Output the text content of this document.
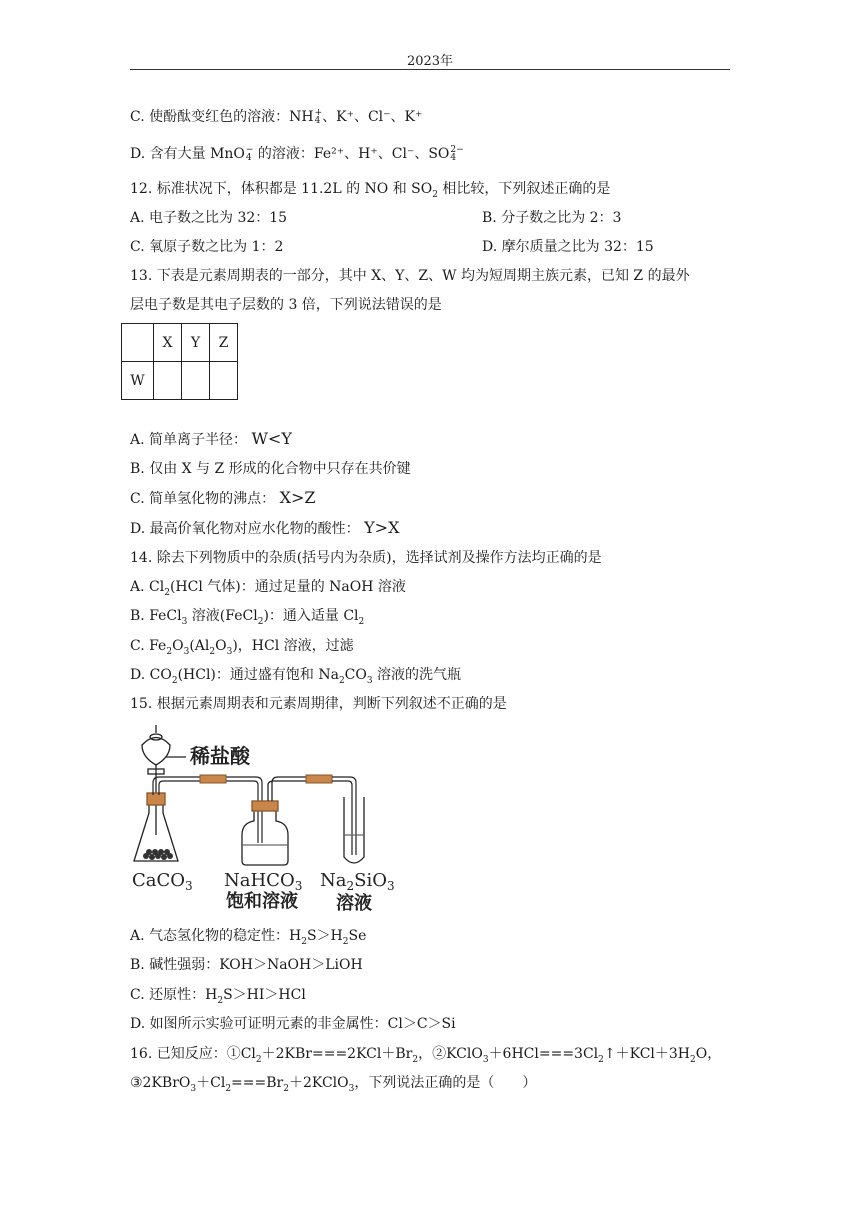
2023年
C. 使酚酞变红色的溶液：NH +
4 、K⁺、Cl⁻、K⁺
D. 含有大量 MnO −
4 的溶液：Fe²⁺、H⁺、Cl⁻、SO 2−
4
12. 标准状况下，体积都是 11.2L 的 NO 和 $SO_2$ 相比较，下列叙述正确的是
A. 电子数之比为 32：15	B. 分子数之比为 2：3
C. 氧原子数之比为 1：2	D. 摩尔质量之比为 32：15
13. 下表是元素周期表的一部分，其中 X、Y、Z、W 均为短周期主族元素，已知 Z 的最外
层电子数是其电子层数的 3 倍，下列说法错误的是
	X	Y	Z
W			
A. 简单离子半径： W<Y
B. 仅由 X 与 Z 形成的化合物中只存在共价键
C. 简单氢化物的沸点： X>Z
D. 最高价氧化物对应水化物的酸性： Y>X
14. 除去下列物质中的杂质(括号内为杂质)，选择试剂及操作方法均正确的是
A. $Cl_2(HCl$ 气体)：通过足量的 NaOH 溶液
B. FeCl$_3$ 溶液(FeCl$_2$)：通入适量 $Cl_2$
C. $Fe_2O_3(Al_2O_3)$，HCl 溶液，过滤
D. $CO_2(HCl)$：通过盛有饱和 $Na_2CO_3$ 溶液的洗气瓶
15. 根据元素周期表和元素周期律，判断下列叙述不正确的是
稀盐酸
CaCO$_3$ NaHCO$_3$
饱和溶液
$Na_2SiO_3$
溶液
A. 气态氢化物的稳定性：$H_2S>H_2Se$
B. 碱性强弱：KOH＞NaOH＞LiOH
C. 还原性：$H_2S>HI>HCl$
D. 如图所示实验可证明元素的非金属性：Cl＞C＞Si
16. 已知反应：$①Cl_2+2KBr===2KCl+Br_2$，$②KClO_3+6HCl===3Cl_2↑+KCl+3H_2O$，
$③2KBrO_3+Cl_2===Br_2+2KClO_3$，下列说法正确的是（　　）
